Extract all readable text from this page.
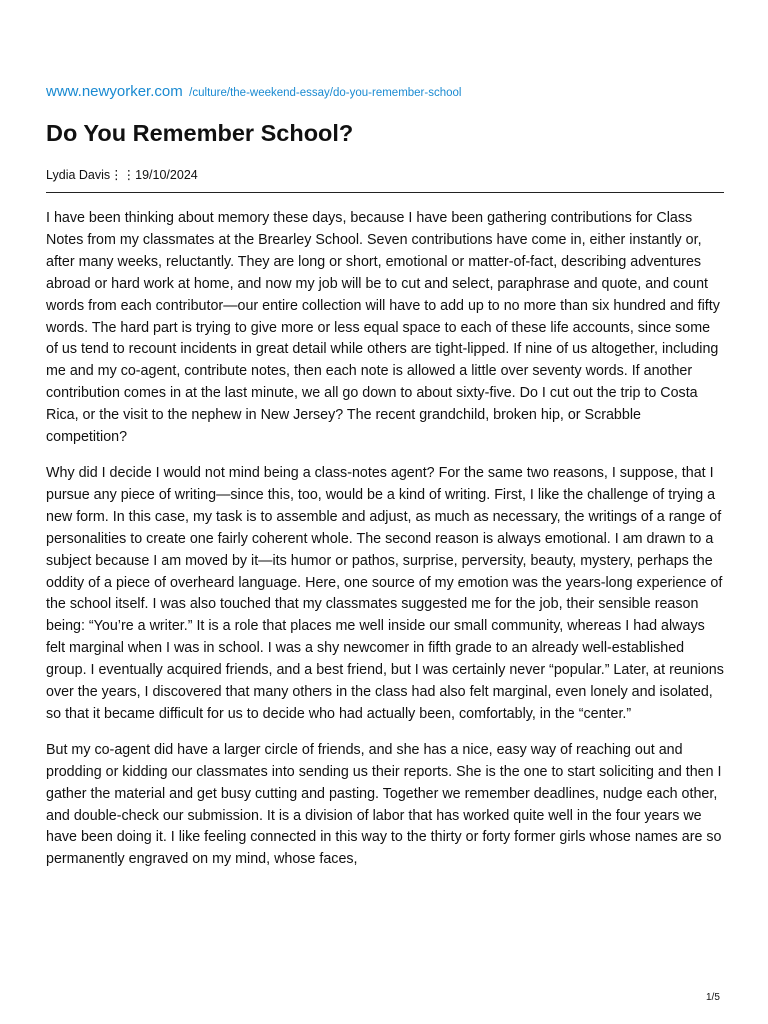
www.newyorker.com /culture/the-weekend-essay/do-you-remember-school
Do You Remember School?
Lydia Davis⋮⋮19/10/2024

I have been thinking about memory these days, because I have been gathering contributions for Class Notes from my classmates at the Brearley School. Seven contributions have come in, either instantly or, after many weeks, reluctantly. They are long or short, emotional or matter-of-fact, describing adventures abroad or hard work at home, and now my job will be to cut and select, paraphrase and quote, and count words from each contributor—our entire collection will have to add up to no more than six hundred and fifty words. The hard part is trying to give more or less equal space to each of these life accounts, since some of us tend to recount incidents in great detail while others are tight-lipped. If nine of us altogether, including me and my co-agent, contribute notes, then each note is allowed a little over seventy words. If another contribution comes in at the last minute, we all go down to about sixty-five. Do I cut out the trip to Costa Rica, or the visit to the nephew in New Jersey? The recent grandchild, broken hip, or Scrabble competition?

Why did I decide I would not mind being a class-notes agent? For the same two reasons, I suppose, that I pursue any piece of writing—since this, too, would be a kind of writing. First, I like the challenge of trying a new form. In this case, my task is to assemble and adjust, as much as necessary, the writings of a range of personalities to create one fairly coherent whole. The second reason is always emotional. I am drawn to a subject because I am moved by it—its humor or pathos, surprise, perversity, beauty, mystery, perhaps the oddity of a piece of overheard language. Here, one source of my emotion was the years-long experience of the school itself. I was also touched that my classmates suggested me for the job, their sensible reason being: “You’re a writer.” It is a role that places me well inside our small community, whereas I had always felt marginal when I was in school. I was a shy newcomer in fifth grade to an already well-established group. I eventually acquired friends, and a best friend, but I was certainly never “popular.” Later, at reunions over the years, I discovered that many others in the class had also felt marginal, even lonely and isolated, so that it became difficult for us to decide who had actually been, comfortably, in the “center.”

But my co-agent did have a larger circle of friends, and she has a nice, easy way of reaching out and prodding or kidding our classmates into sending us their reports. She is the one to start soliciting and then I gather the material and get busy cutting and pasting. Together we remember deadlines, nudge each other, and double-check our submission. It is a division of labor that has worked quite well in the four years we have been doing it. I like feeling connected in this way to the thirty or forty former girls whose names are so permanently engraved on my mind, whose faces,

1/5
